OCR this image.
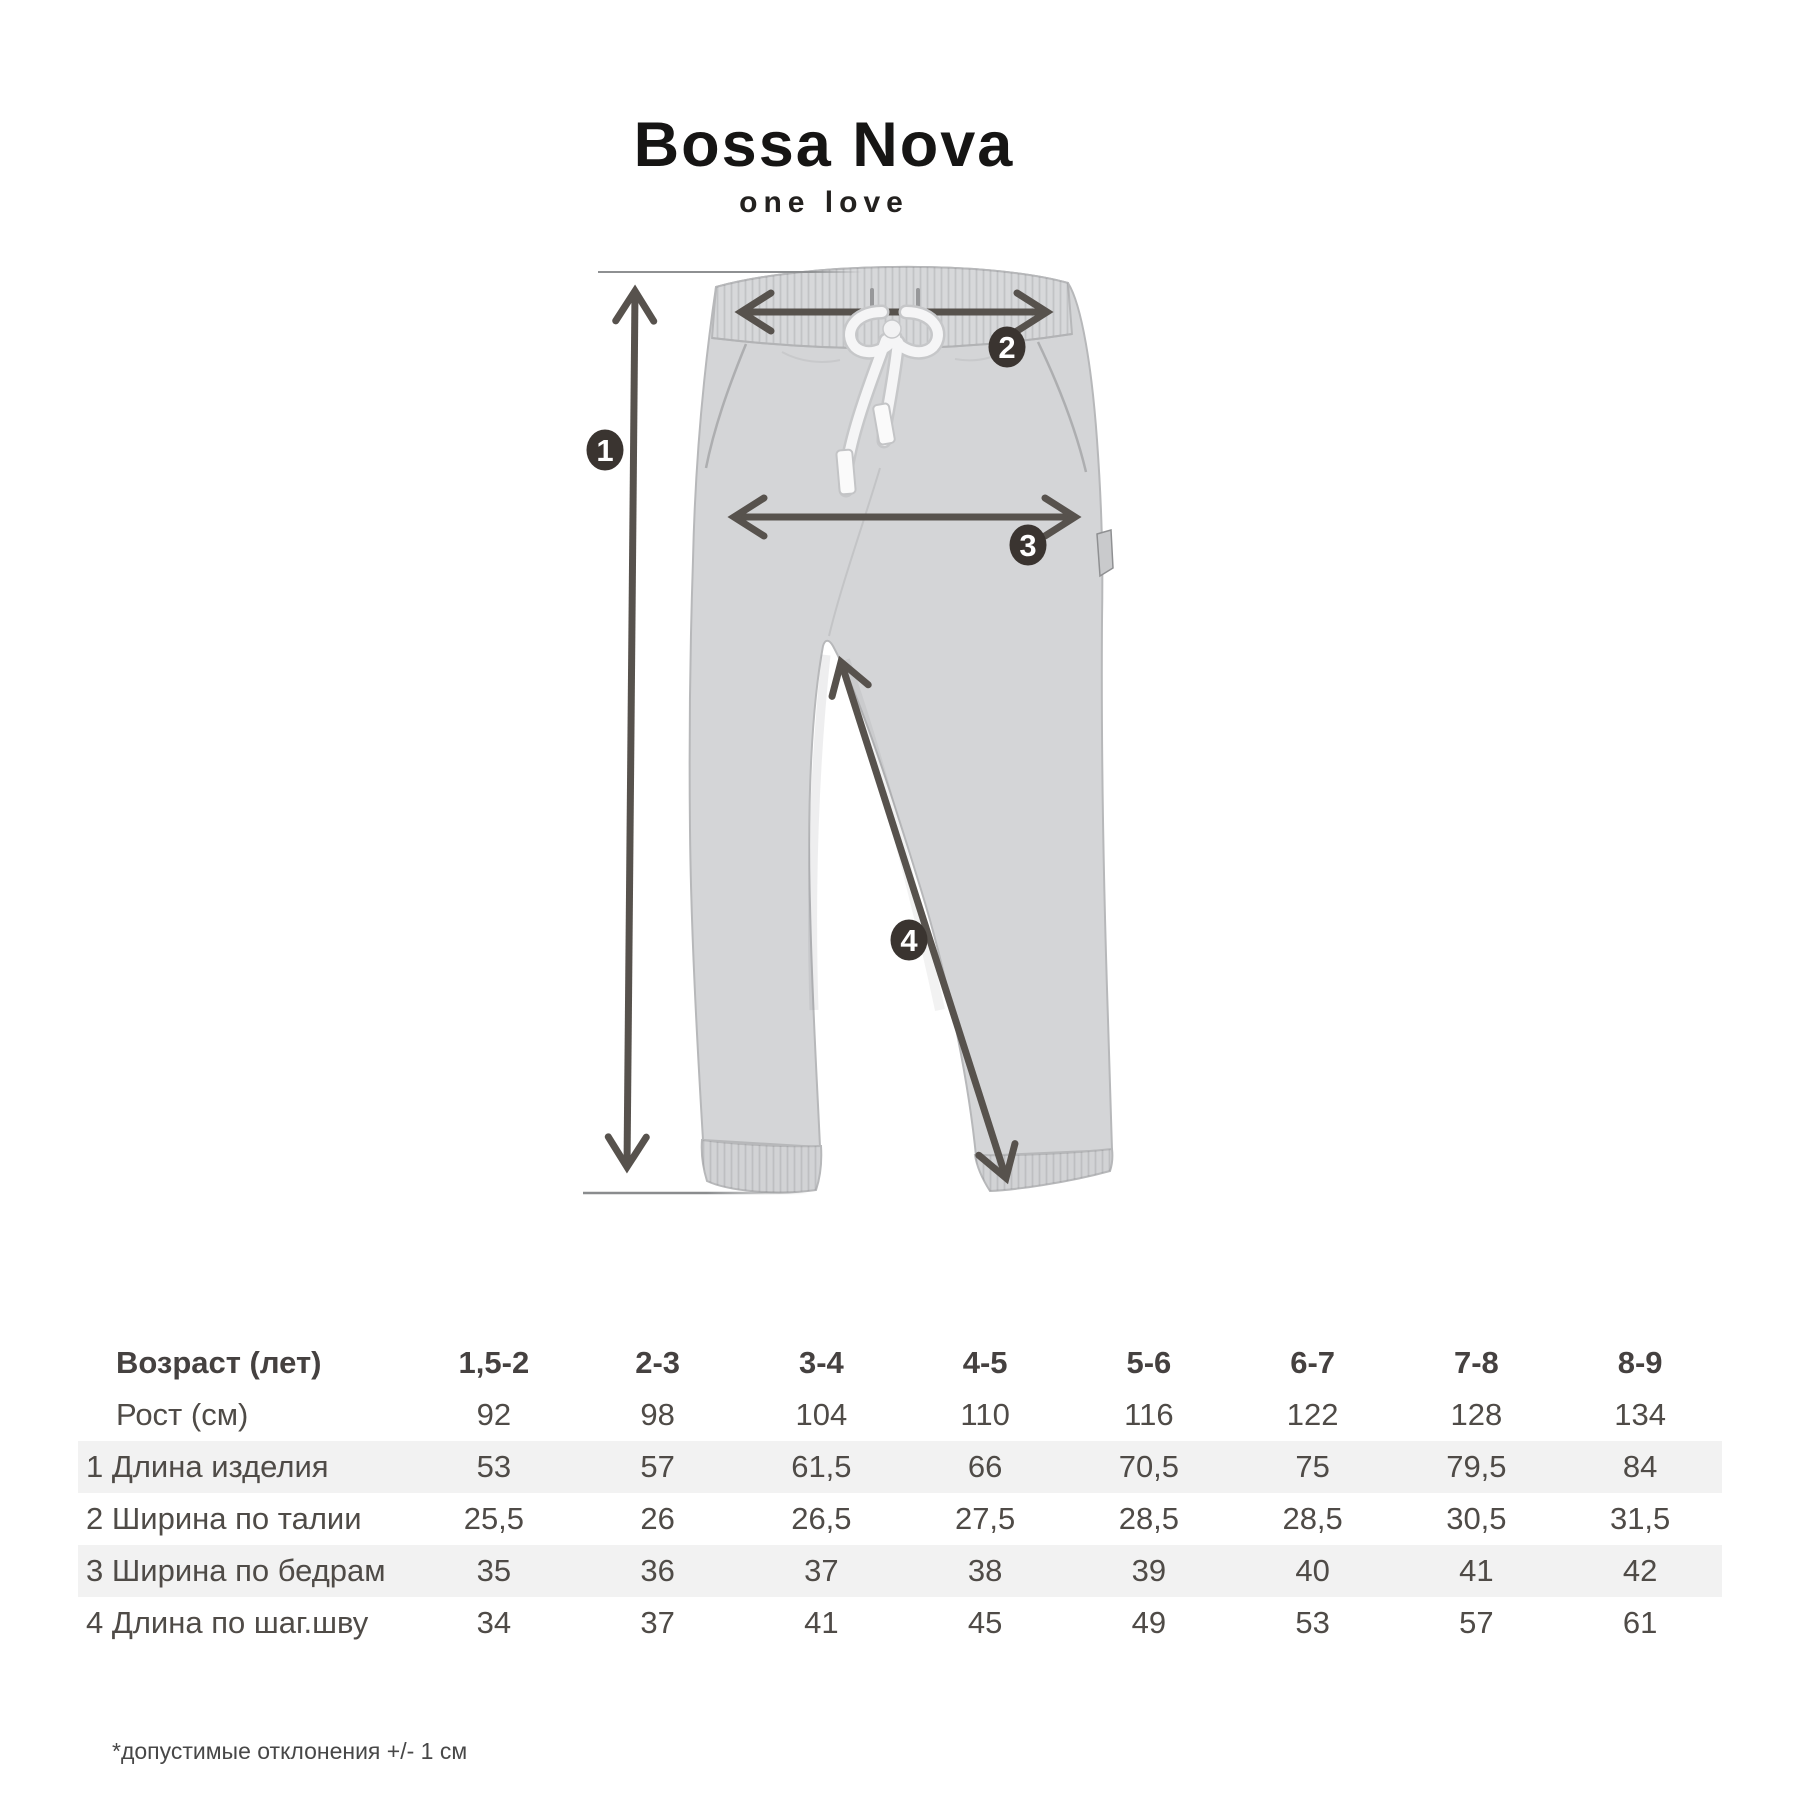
Bossa Nova
one love
1
2
3
4
Возраст (лет)	1,5-2	2-3	3-4	4-5	5-6	6-7	7-8	8-9
Рост (см)	92	98	104	110	116	122	128	134
1 Длина изделия	53	57	61,5	66	70,5	75	79,5	84
2 Ширина по талии	25,5	26	26,5	27,5	28,5	28,5	30,5	31,5
3 Ширина по бедрам	35	36	37	38	39	40	41	42
4 Длина по шаг.шву	34	37	41	45	49	53	57	61
*допустимые отклонения +/- 1 см
